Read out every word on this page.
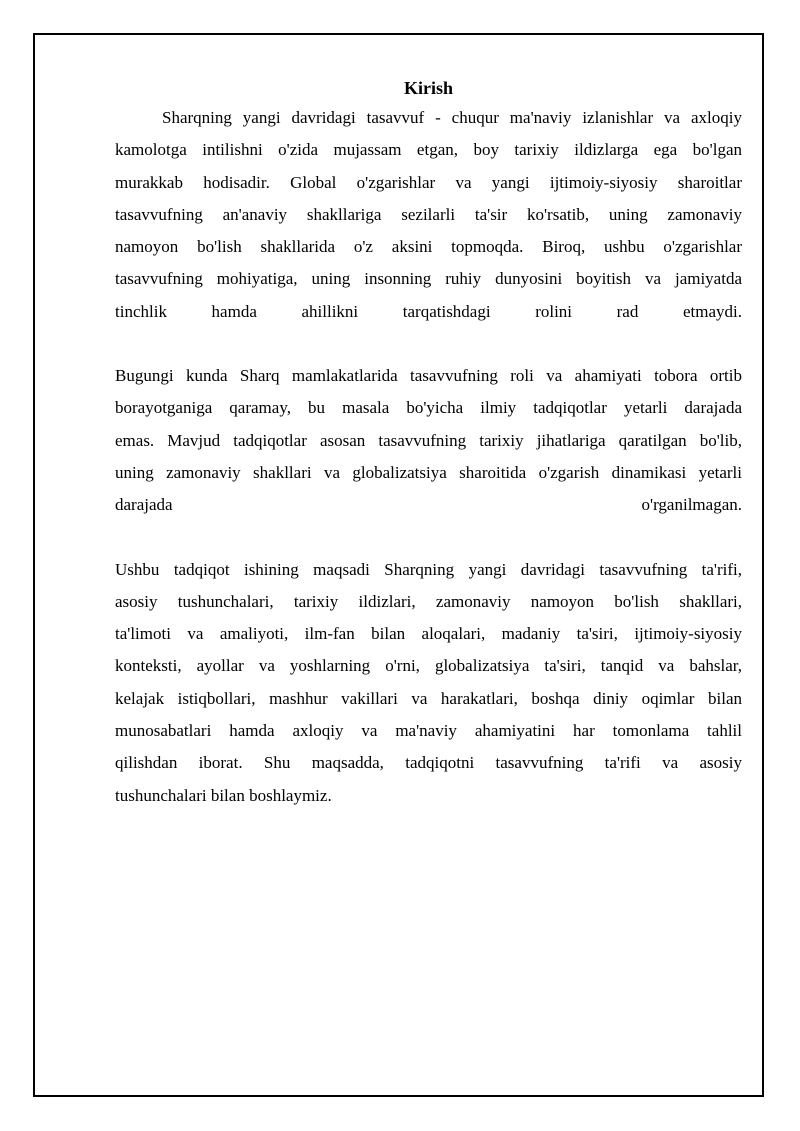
Kirish
Sharqning yangi davridagi tasavvuf - chuqur ma'naviy izlanishlar va axloqiy
kamolotga intilishni o'zida mujassam etgan, boy tarixiy ildizlarga ega bo'lgan
murakkab hodisadir. Global o'zgarishlar va yangi ijtimoiy-siyosiy sharoitlar
tasavvufning an'anaviy shakllariga sezilarli ta'sir ko'rsatib, uning zamonaviy
namoyon bo'lish shakllarida o'z aksini topmoqda. Biroq, ushbu o'zgarishlar
tasavvufning mohiyatiga, uning insonning ruhiy dunyosini boyitish va jamiyatda
tinchlik hamda ahillikni tarqatishdagi rolini rad etmaydi.
Bugungi kunda Sharq mamlakatlarida tasavvufning roli va ahamiyati tobora ortib
borayotganiga qaramay, bu masala bo'yicha ilmiy tadqiqotlar yetarli darajada
emas. Mavjud tadqiqotlar asosan tasavvufning tarixiy jihatlariga qaratilgan bo'lib,
uning zamonaviy shakllari va globalizatsiya sharoitida o'zgarish dinamikasi yetarli
darajada o'rganilmagan.
Ushbu tadqiqot ishining maqsadi Sharqning yangi davridagi tasavvufning ta'rifi,
asosiy tushunchalari, tarixiy ildizlari, zamonaviy namoyon bo'lish shakllari,
ta'limoti va amaliyoti, ilm-fan bilan aloqalari, madaniy ta'siri, ijtimoiy-siyosiy
konteksti, ayollar va yoshlarning o'rni, globalizatsiya ta'siri, tanqid va bahslar,
kelajak istiqbollari, mashhur vakillari va harakatlari, boshqa diniy oqimlar bilan
munosabatlari hamda axloqiy va ma'naviy ahamiyatini har tomonlama tahlil
qilishdan iborat. Shu maqsadda, tadqiqotni tasavvufning ta'rifi va asosiy
tushunchalari bilan boshlaymiz.
